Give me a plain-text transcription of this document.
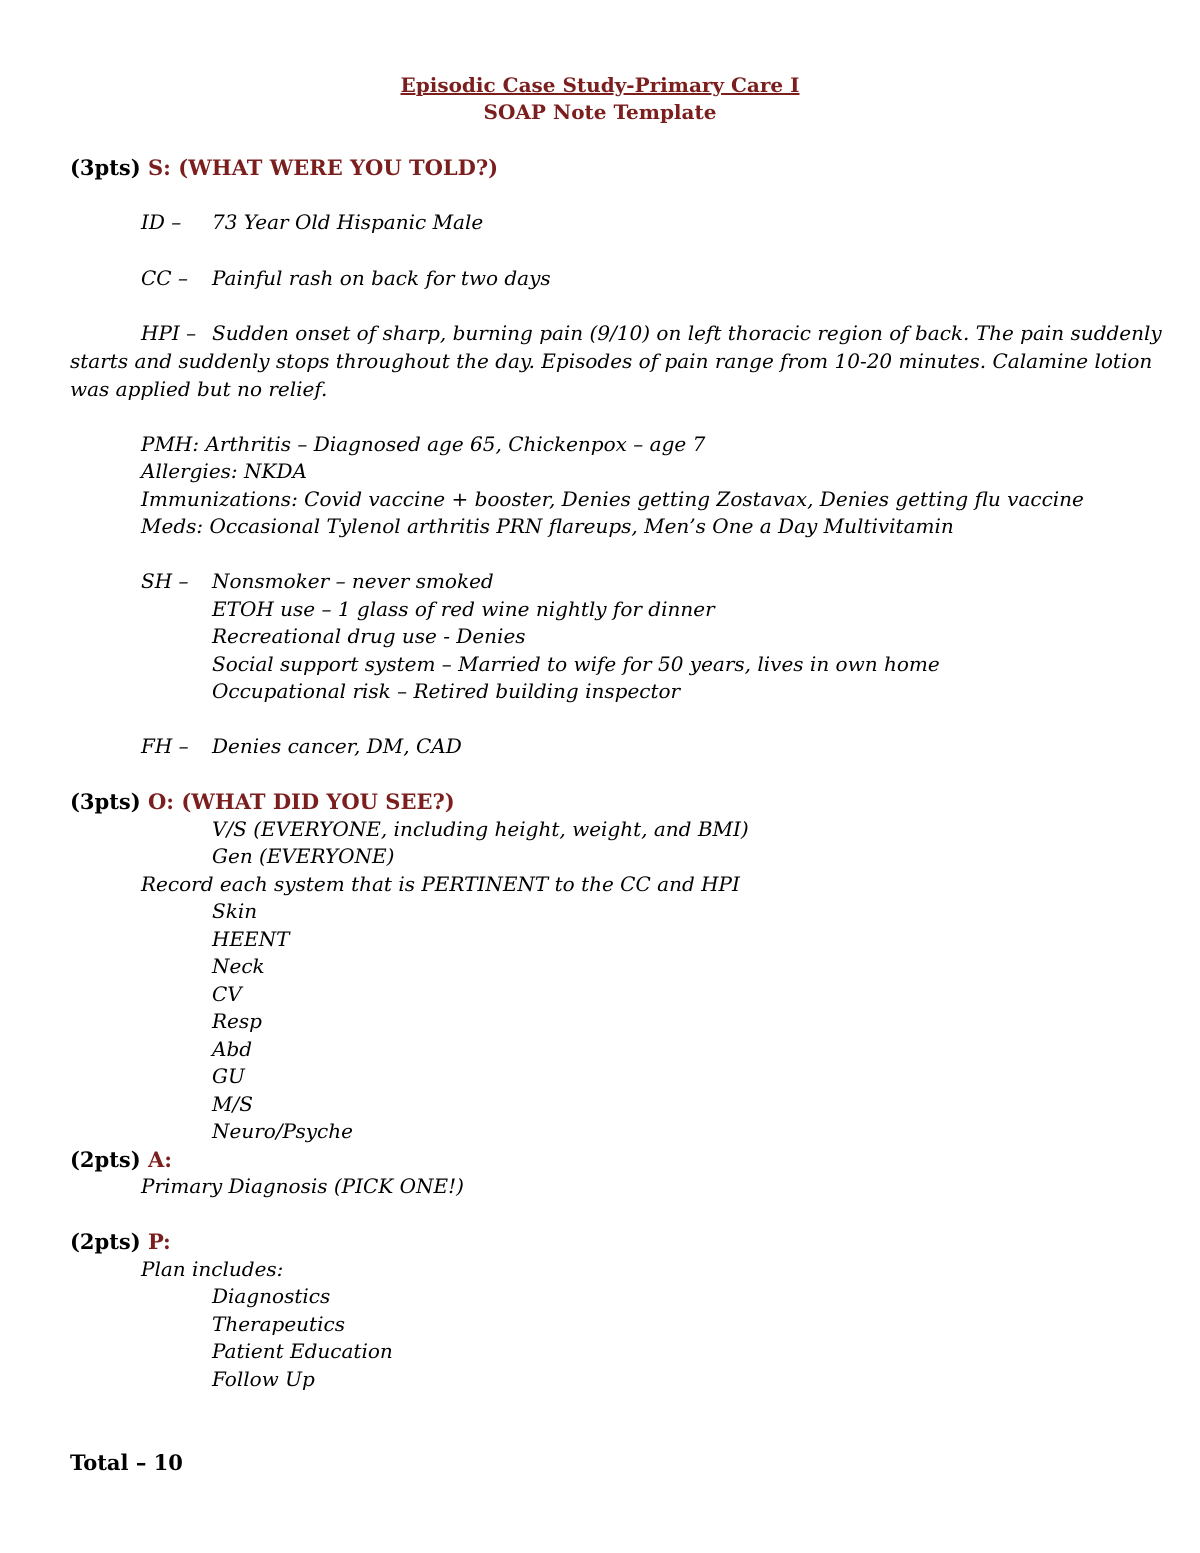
Episodic Case Study-Primary Care I
SOAP Note Template
(3pts) S: (WHAT WERE YOU TOLD?)
ID – 73 Year Old Hispanic Male
CC – Painful rash on back for two days
HPI – Sudden onset of sharp, burning pain (9/10) on left thoracic region of back. The pain suddenly
starts and suddenly stops throughout the day. Episodes of pain range from 10-20 minutes. Calamine lotion
was applied but no relief.
PMH: Arthritis – Diagnosed age 65, Chickenpox – age 7
Allergies: NKDA
Immunizations: Covid vaccine + booster, Denies getting Zostavax, Denies getting flu vaccine
Meds: Occasional Tylenol arthritis PRN flareups, Men’s One a Day Multivitamin
SH – Nonsmoker – never smoked
ETOH use – 1 glass of red wine nightly for dinner
Recreational drug use - Denies
Social support system – Married to wife for 50 years, lives in own home
Occupational risk – Retired building inspector
FH – Denies cancer, DM, CAD
(3pts) O: (WHAT DID YOU SEE?)
V/S (EVERYONE, including height, weight, and BMI)
Gen (EVERYONE)
Record each system that is PERTINENT to the CC and HPI
Skin
HEENT
Neck
CV
Resp
Abd
GU
M/S
Neuro/Psyche
(2pts) A:
Primary Diagnosis (PICK ONE!)
(2pts) P:
Plan includes:
Diagnostics
Therapeutics
Patient Education
Follow Up
Total – 10
